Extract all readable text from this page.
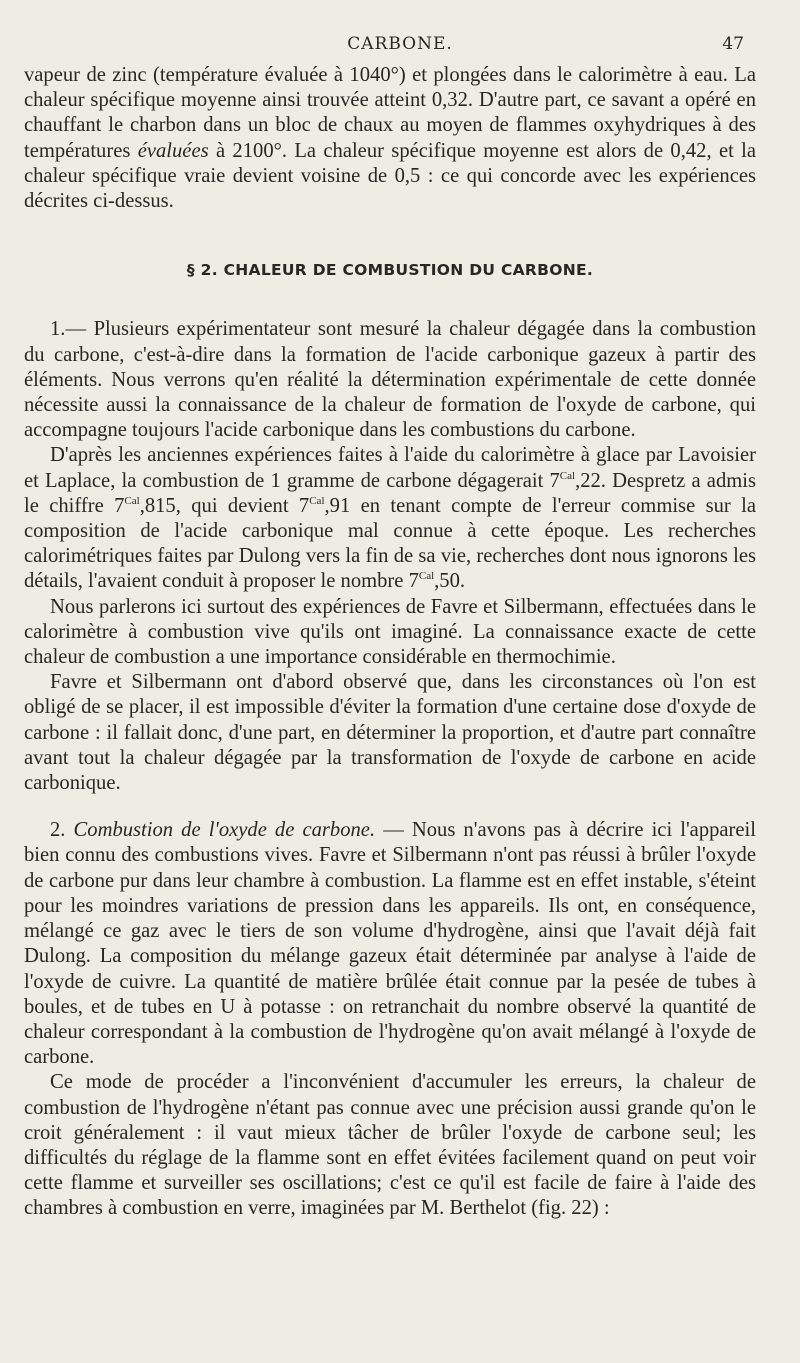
CARBONE.	47

vapeur de zinc (température évaluée à 1040°) et plongées dans le calorimètre à eau. La chaleur spécifique moyenne ainsi trouvée atteint 0,32. D'autre part, ce savant a opéré en chauffant le charbon dans un bloc de chaux au moyen de flammes oxyhydriques à des températures évaluées à 2100°. La chaleur spécifique moyenne est alors de 0,42, et la chaleur spécifique vraie devient voisine de 0,5 : ce qui concorde avec les expériences décrites ci-dessus.

§ 2. CHALEUR DE COMBUSTION DU CARBONE.

1.— Plusieurs expérimentateur sont mesuré la chaleur dégagée dans la combustion du carbone, c'est-à-dire dans la formation de l'acide carbonique gazeux à partir des éléments. Nous verrons qu'en réalité la détermination expérimentale de cette donnée nécessite aussi la connaissance de la chaleur de formation de l'oxyde de carbone, qui accompagne toujours l'acide carbonique dans les combustions du carbone.

D'après les anciennes expériences faites à l'aide du calorimètre à glace par Lavoisier et Laplace, la combustion de 1 gramme de carbone dégagerait $7^{Cal},22$. Despretz a admis le chiffre $7^{Cal},815$, qui devient $7^{Cal},91$ en tenant compte de l'erreur commise sur la composition de l'acide carbonique mal connue à cette époque. Les recherches calorimétriques faites par Dulong vers la fin de sa vie, recherches dont nous ignorons les détails, l'avaient conduit à proposer le nombre $7^{Cal},50$.

Nous parlerons ici surtout des expériences de Favre et Silbermann, effectuées dans le calorimètre à combustion vive qu'ils ont imaginé. La connaissance exacte de cette chaleur de combustion a une importance considérable en thermochimie.

Favre et Silbermann ont d'abord observé que, dans les circonstances où l'on est obligé de se placer, il est impossible d'éviter la formation d'une certaine dose d'oxyde de carbone : il fallait donc, d'une part, en déterminer la proportion, et d'autre part connaître avant tout la chaleur dégagée par la transformation de l'oxyde de carbone en acide carbonique.

2. Combustion de l'oxyde de carbone. — Nous n'avons pas à décrire ici l'appareil bien connu des combustions vives. Favre et Silbermann n'ont pas réussi à brûler l'oxyde de carbone pur dans leur chambre à combustion. La flamme est en effet instable, s'éteint pour les moindres variations de pression dans les appareils. Ils ont, en conséquence, mélangé ce gaz avec le tiers de son volume d'hydrogène, ainsi que l'avait déjà fait Dulong. La composition du mélange gazeux était déterminée par analyse à l'aide de l'oxyde de cuivre. La quantité de matière brûlée était connue par la pesée de tubes à boules, et de tubes en U à potasse : on retranchait du nombre observé la quantité de chaleur correspondant à la combustion de l'hydrogène qu'on avait mélangé à l'oxyde de carbone.

Ce mode de procéder a l'inconvénient d'accumuler les erreurs, la chaleur de combustion de l'hydrogène n'étant pas connue avec une précision aussi grande qu'on le croit généralement : il vaut mieux tâcher de brûler l'oxyde de carbone seul; les difficultés du réglage de la flamme sont en effet évitées facilement quand on peut voir cette flamme et surveiller ses oscillations; c'est ce qu'il est facile de faire à l'aide des chambres à combustion en verre, imaginées par M. Berthelot (fig. 22) :
